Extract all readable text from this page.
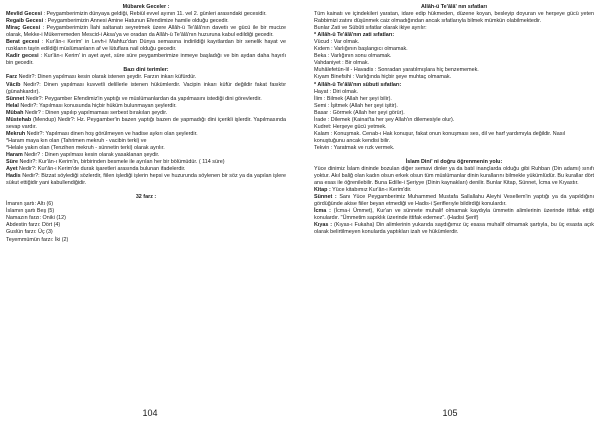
Mübarek Geceler :

Mevlid Gecesi : Peygamberimizin dünyaya geldiği, Rebiül evvel ayının 11. vel 2. günleri arasındaki gecesidir.

Regaib Gecesi : Peygamberimizin Annesi Amine Hatunun Efendimize hamile olduğu gecedir.

Miraç Gecesi : Peygamberimizin İlahi saltanatı seyretmek üzere Allâh-ü Te'âlâ'nın davetiı ve gücü ile bir mucize olarak, Mekke-i Mükerremeden Mescid-i Aksa'ya ve oradan da Allâh-ü Te'âlâ'nın huzuruna kabul edildiği gecedir.

Berat gecesi : Kur'ân-ı Kerim' in Levh-i Mahfuz'dan Dünya semasına indirildiği kayıtlardan bir senelik hayat ve rızıkların tayin edildiği müslümanların af ve lütuflara nail olduğu gecedir.

Kadir gecesi : Kur'ân-ı Kerim' in ayet ayet, süre süre peygamberimize inmeye başladığı ve bin aydan daha hayırlı bin gecedir.

Bazı dini terimler:

Farz Nedir?: Dinen yapılması kesin olarak istenen şeydir. Farzın inkarı küfürdür.

Vâcib Nedir?: Dinen yapılması kuvvetli delillerle istenen hükümlerdir. Vacipin inkarı küfür değildir fakat fasıktır (günahkardır).

Sünnet Nedir?: Peygamber Efendimiz'in yaptığı ve müslümanlardan da yapılmasını istediği dini görevlerdir.

Helal Nedir?: Yapılması konusunda hiçbir hüküm bulunmayan şeylerdir.

Mübah Nedir? : Dinen yapılıp yapılmaması serbest bırakılan şeydir.

Müstehab (Mendup) Nedir?: Hz. Peygamber'in bazen yaptığı bazen de yapmadığı dini içerikli işlerdir. Yapılmasında sevap vardır.

Mekruh Nedir?: Yapılması dinen hoş görülmeyen ve hadise aykırı olan şeylerdir.

*Haram maya kın olan (Tahrimen mekruh - vacibin terki) ve

*Helale yakın olan (Tenzihen mekruh - sünnetin terki) olarak ayrılır.

Haram Nedir? : Dinen yapılması kesin olarak yasaklanan şeydir.

Süre Nedir?: Kur'ân-ı Kerim'in, birbirinden besmele ile ayrılan her bir bölümüdür. ( 114 süre)

Ayet Nedir?: Kur'ân-ı Kerim'de durak işaretleri arasında bulunan ifadelerdir.

Hadis Nedir?: Bizzat söylediği sözlerdir, fiilen işlediği işlerin hepsi ve huzurunda söylenen bir söz ya da yapılan işlere sükut ettiğidir yani kabullendiğidir.

32 farz :

İmanın şartı: Altı (6)

İslamın şartı Beş (5)

Namazın farzı: Oniki (12)

Abdestin farzı: Dört (4)

Guslün farzı: Üç (3)

Teyemmümün farzı: İki (2)

104

Allâh-ü Te'âlâ' nın sıfatları

Tüm kainatı ve içindekileri yaratan, idare edip hükmeden, düzene koyan, besleyip doyuran ve herşeye gücü yeten Rabbimizi zatını düşünmek caiz olmadığından ancak sıfatlarıyla bilmek mümkün olabilmektedir.

Bunlar Zati ve Sübûti sıfatlar olarak ikiye ayrılır:

* Allâh-ü Te'âlâ'nın zati sıfatları:

Vücud : Var olmak.

Kıdem : Varlığının başlangıcı olmamak.

Beka : Varlığının sonu olmamak.

Vahdaniyet : Bir olmak.

Muhâlefetün-lil - Havadis : Sonradan yaratılmışlara hiç benzememek.

Kıyam Binefsihi : Varlığında hiçbir şeye muhtaç olmamak.

* Allâh-ü Te'âlâ'nın sübuti sıfatları:

Hayat : Diri olmak.

İlim : Bilmek (Allah her şeyi bilir).

Semi : İşitmek (Allah her şeyi işitir).

Basar : Görmek (Allah her şeyi görür).

İrade : Dilemek (Kainat’ta her şey Allah'ın dilemesiyle olur).

Kudret: Herşeye gücü yetmek.

Kalam : Konuşmak. Cenab-ı Hak konuşur, fakat onun konuşması ses, dil ve harf yardımıyla değildir. Nasıl konuştuğunu ancak kendisi bilir.

Tekvin : Yaratmak ve rızk vermek.

İslam Dini' ni doğru öğrenmenin yolu:

Yüce dinimiz İslam dininde bozulan diğer semavi dinler ya da batıl inançlarda olduğu gibi Ruhban (Din adamı) sınıfı yoktur. Akıl baliğ olan kadın olsun erkek olsun tüm müslümanlar dinin kurallarını bilmekle yükümlüdür. Bu kurallar dört ana esas ile öğrenilebilir. Buna Edille-i Şeriyye (Dinin kaynakları) denilir. Bunlar Kitap, Sünnet, İcma ve Kıyastır.

Kitap : Yüce kitabımız Kur'ân-ı Kerim'dir.

Sünnet : Sanı Yüce Peygamberimiz Muhammed Mustafa Sallallahu Aleyhi Vesellem'in yaptığı ya da yapıldığını gördüğünde akise fiiler beyan etmediği ve Hadis-i Şeriflerıyle bildirdiği konulardır.

İcma : (İcma-i Ümmet), Kur'an ve sünnete muhalif olmamak kaydıyla ümmetin alimlerinin üzerinde ittifak ettiği konulardır. "Ümmetim sapıklık üzerinde ittifak edemez". (Hadisi Şerif)

Kıyas : (Kıyas-ı Fukaha) Din alimlerinin yukarıda saydığımız üç esasa muhalif olmamak şartıyla, bu üç esasta açık olarak belirtilmeyen konularda yaptıkları izah ve hükümlerdir.

105
